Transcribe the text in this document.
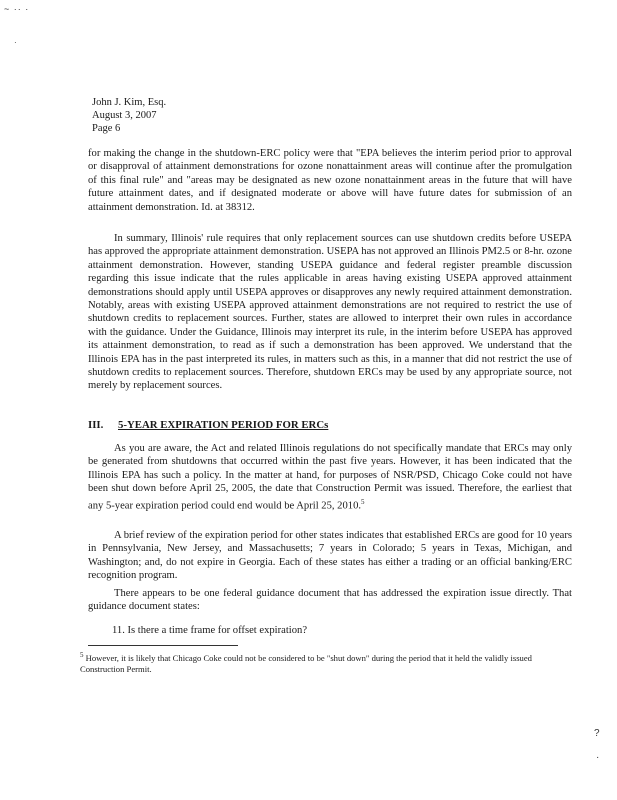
~ ·· ·
·
?
·
John J. Kim, Esq.
August 3, 2007
Page 6

for making the change in the shutdown-ERC policy were that "EPA believes the interim period prior to approval or disapproval of attainment demonstrations for ozone nonattainment areas will continue after the promulgation of this final rule" and "areas may be designated as new ozone nonattainment areas in the future that will have future attainment dates, and if designated moderate or above will have future dates for submission of an attainment demonstration. Id. at 38312.

In summary, Illinois' rule requires that only replacement sources can use shutdown credits before USEPA has approved the appropriate attainment demonstration. USEPA has not approved an Illinois PM2.5 or 8-hr. ozone attainment demonstration. However, standing USEPA guidance and federal register preamble discussion regarding this issue indicate that the rules applicable in areas having existing USEPA approved attainment demonstrations should apply until USEPA approves or disapproves any newly required attainment demonstration. Notably, areas with existing USEPA approved attainment demonstrations are not required to restrict the use of shutdown credits to replacement sources. Further, states are allowed to interpret their own rules in accordance with the guidance. Under the Guidance, Illinois may interpret its rule, in the interim before USEPA has approved its attainment demonstration, to read as if such a demonstration has been approved. We understand that the Illinois EPA has in the past interpreted its rules, in matters such as this, in a manner that did not restrict the use of shutdown credits to replacement sources. Therefore, shutdown ERCs may be used by any appropriate source, not merely by replacement sources.

III. 5-YEAR EXPIRATION PERIOD FOR ERCs

As you are aware, the Act and related Illinois regulations do not specifically mandate that ERCs may only be generated from shutdowns that occurred within the past five years. However, it has been indicated that the Illinois EPA has such a policy. In the matter at hand, for purposes of NSR/PSD, Chicago Coke could not have been shut down before April 25, 2005, the date that Construction Permit was issued. Therefore, the earliest that any 5-year expiration period could end would be April 25, 2010.$^5$

A brief review of the expiration period for other states indicates that established ERCs are good for 10 years in Pennsylvania, New Jersey, and Massachusetts; 7 years in Colorado; 5 years in Texas, Michigan, and Washington; and, do not expire in Georgia. Each of these states has either a trading or an official banking/ERC recognition program.

There appears to be one federal guidance document that has addressed the expiration issue directly. That guidance document states:

11. Is there a time frame for offset expiration?

$^5$ However, it is likely that Chicago Coke could not be considered to be "shut down" during the period that it held the validly issued Construction Permit.
